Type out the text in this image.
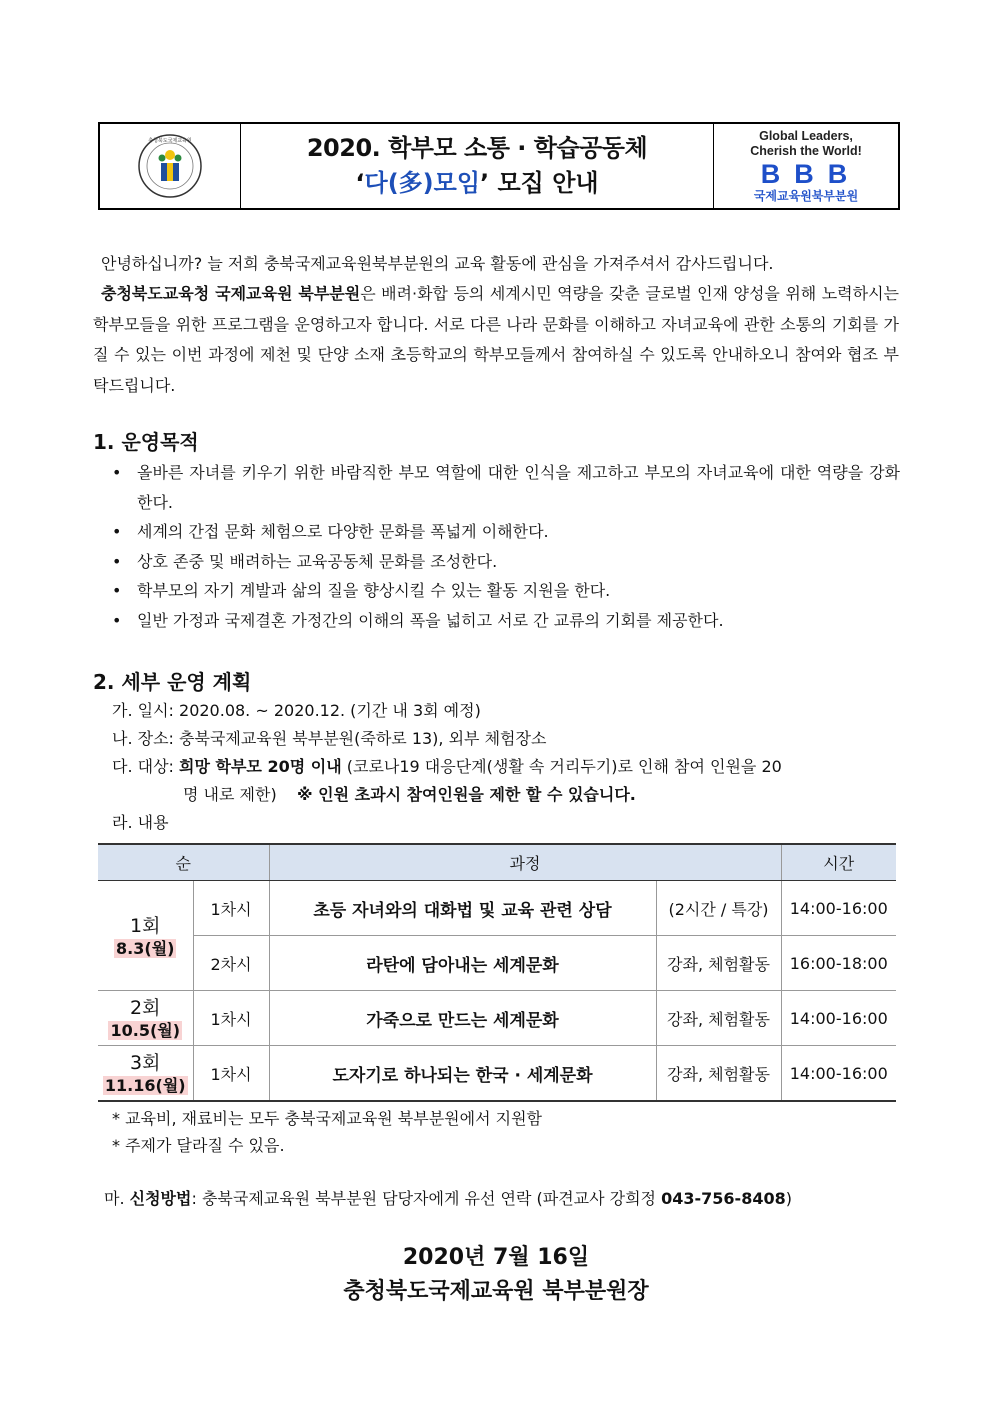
충청북도국제교육원	2020. 학부모 소통 · 학습공동체
‘다(多)모임’ 모집 안내
Global Leaders,
Cherish the World!
BBB
국제교육원북부분원
안녕하십니까? 늘 저희 충북국제교육원북부분원의 교육 활동에 관심을 가져주셔서 감사드립니다.
충청북도교육청 국제교육원 북부분원은 배려·화합 등의 세계시민 역량을 갖춘 글로벌 인재 양성을 위해 노력하시는 학부모들을 위한 프로그램을 운영하고자 합니다. 서로 다른 나라 문화를 이해하고 자녀교육에 관한 소통의 기회를 가질 수 있는 이번 과정에 제천 및 단양 소재 초등학교의 학부모들께서 참여하실 수 있도록 안내하오니 참여와 협조 부탁드립니다.
1. 운영목적
• 올바른 자녀를 키우기 위한 바람직한 부모 역할에 대한 인식을 제고하고 부모의 자녀교육에 대한 역량을 강화한다.
• 세계의 간접 문화 체험으로 다양한 문화를 폭넓게 이해한다.
• 상호 존중 및 배려하는 교육공동체 문화를 조성한다.
• 학부모의 자기 계발과 삶의 질을 향상시킬 수 있는 활동 지원을 한다.
• 일반 가정과 국제결혼 가정간의 이해의 폭을 넓히고 서로 간 교류의 기회를 제공한다.
2. 세부 운영 계획
가. 일시: 2020.08. ~ 2020.12. (기간 내 3회 예정)
나. 장소: 충북국제교육원 북부분원(죽하로 13), 외부 체험장소
다. 대상: 희망 학부모 20명 이내 (코로나19 대응단계(생활 속 거리두기)로 인해 참여 인원을 20
명 내로 제한) ※ 인원 초과시 참여인원을 제한 할 수 있습니다.
라. 내용
순		과정		시간

1회
8.3(월)	1차시	초등 자녀와의 대화법 및 교육 관련 상담	(2시간 / 특강)	14:00-16:00
	2차시	라탄에 담아내는 세계문화	강좌, 체험활동	16:00-18:00

2회
10.5(월)	1차시	가죽으로 만드는 세계문화	강좌, 체험활동	14:00-16:00

3회
11.16(월)	1차시	도자기로 하나되는 한국 · 세계문화	강좌, 체험활동	14:00-16:00
* 교육비, 재료비는 모두 충북국제교육원 북부분원에서 지원함
* 주제가 달라질 수 있음.
마. 신청방법: 충북국제교육원 북부분원 담당자에게 유선 연락 (파견교사 강희정 043-756-8408)
2020년 7월 16일
충청북도국제교육원 북부분원장
